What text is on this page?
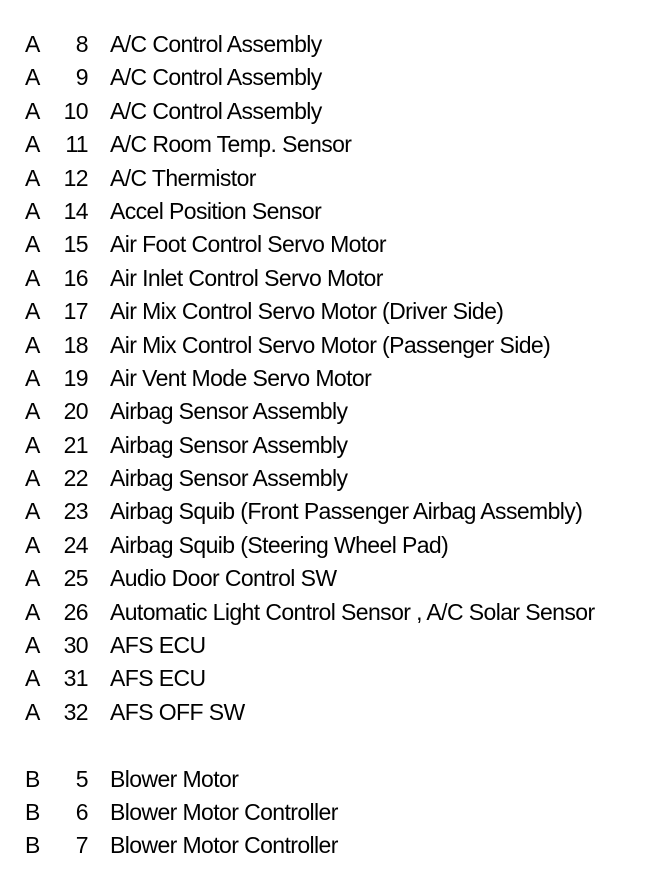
A	8 A/C Control Assembly
A	9 A/C Control Assembly
A	10 A/C Control Assembly
A	11 A/C Room Temp. Sensor
A	12 A/C Thermistor
A	14 Accel Position Sensor
A	15 Air Foot Control Servo Motor
A	16 Air Inlet Control Servo Motor
A	17 Air Mix Control Servo Motor (Driver Side)
A	18 Air Mix Control Servo Motor (Passenger Side)
A	19 Air Vent Mode Servo Motor
A	20 Airbag Sensor Assembly
A	21 Airbag Sensor Assembly
A	22 Airbag Sensor Assembly
A	23 Airbag Squib (Front Passenger Airbag Assembly)
A	24 Airbag Squib (Steering Wheel Pad)
A	25 Audio Door Control SW
A	26 Automatic Light Control Sensor , A/C Solar Sensor
A	30 AFS ECU
A	31 AFS ECU
A	32 AFS OFF SW
B	5 Blower Motor
B	6 Blower Motor Controller
B	7 Blower Motor Controller
